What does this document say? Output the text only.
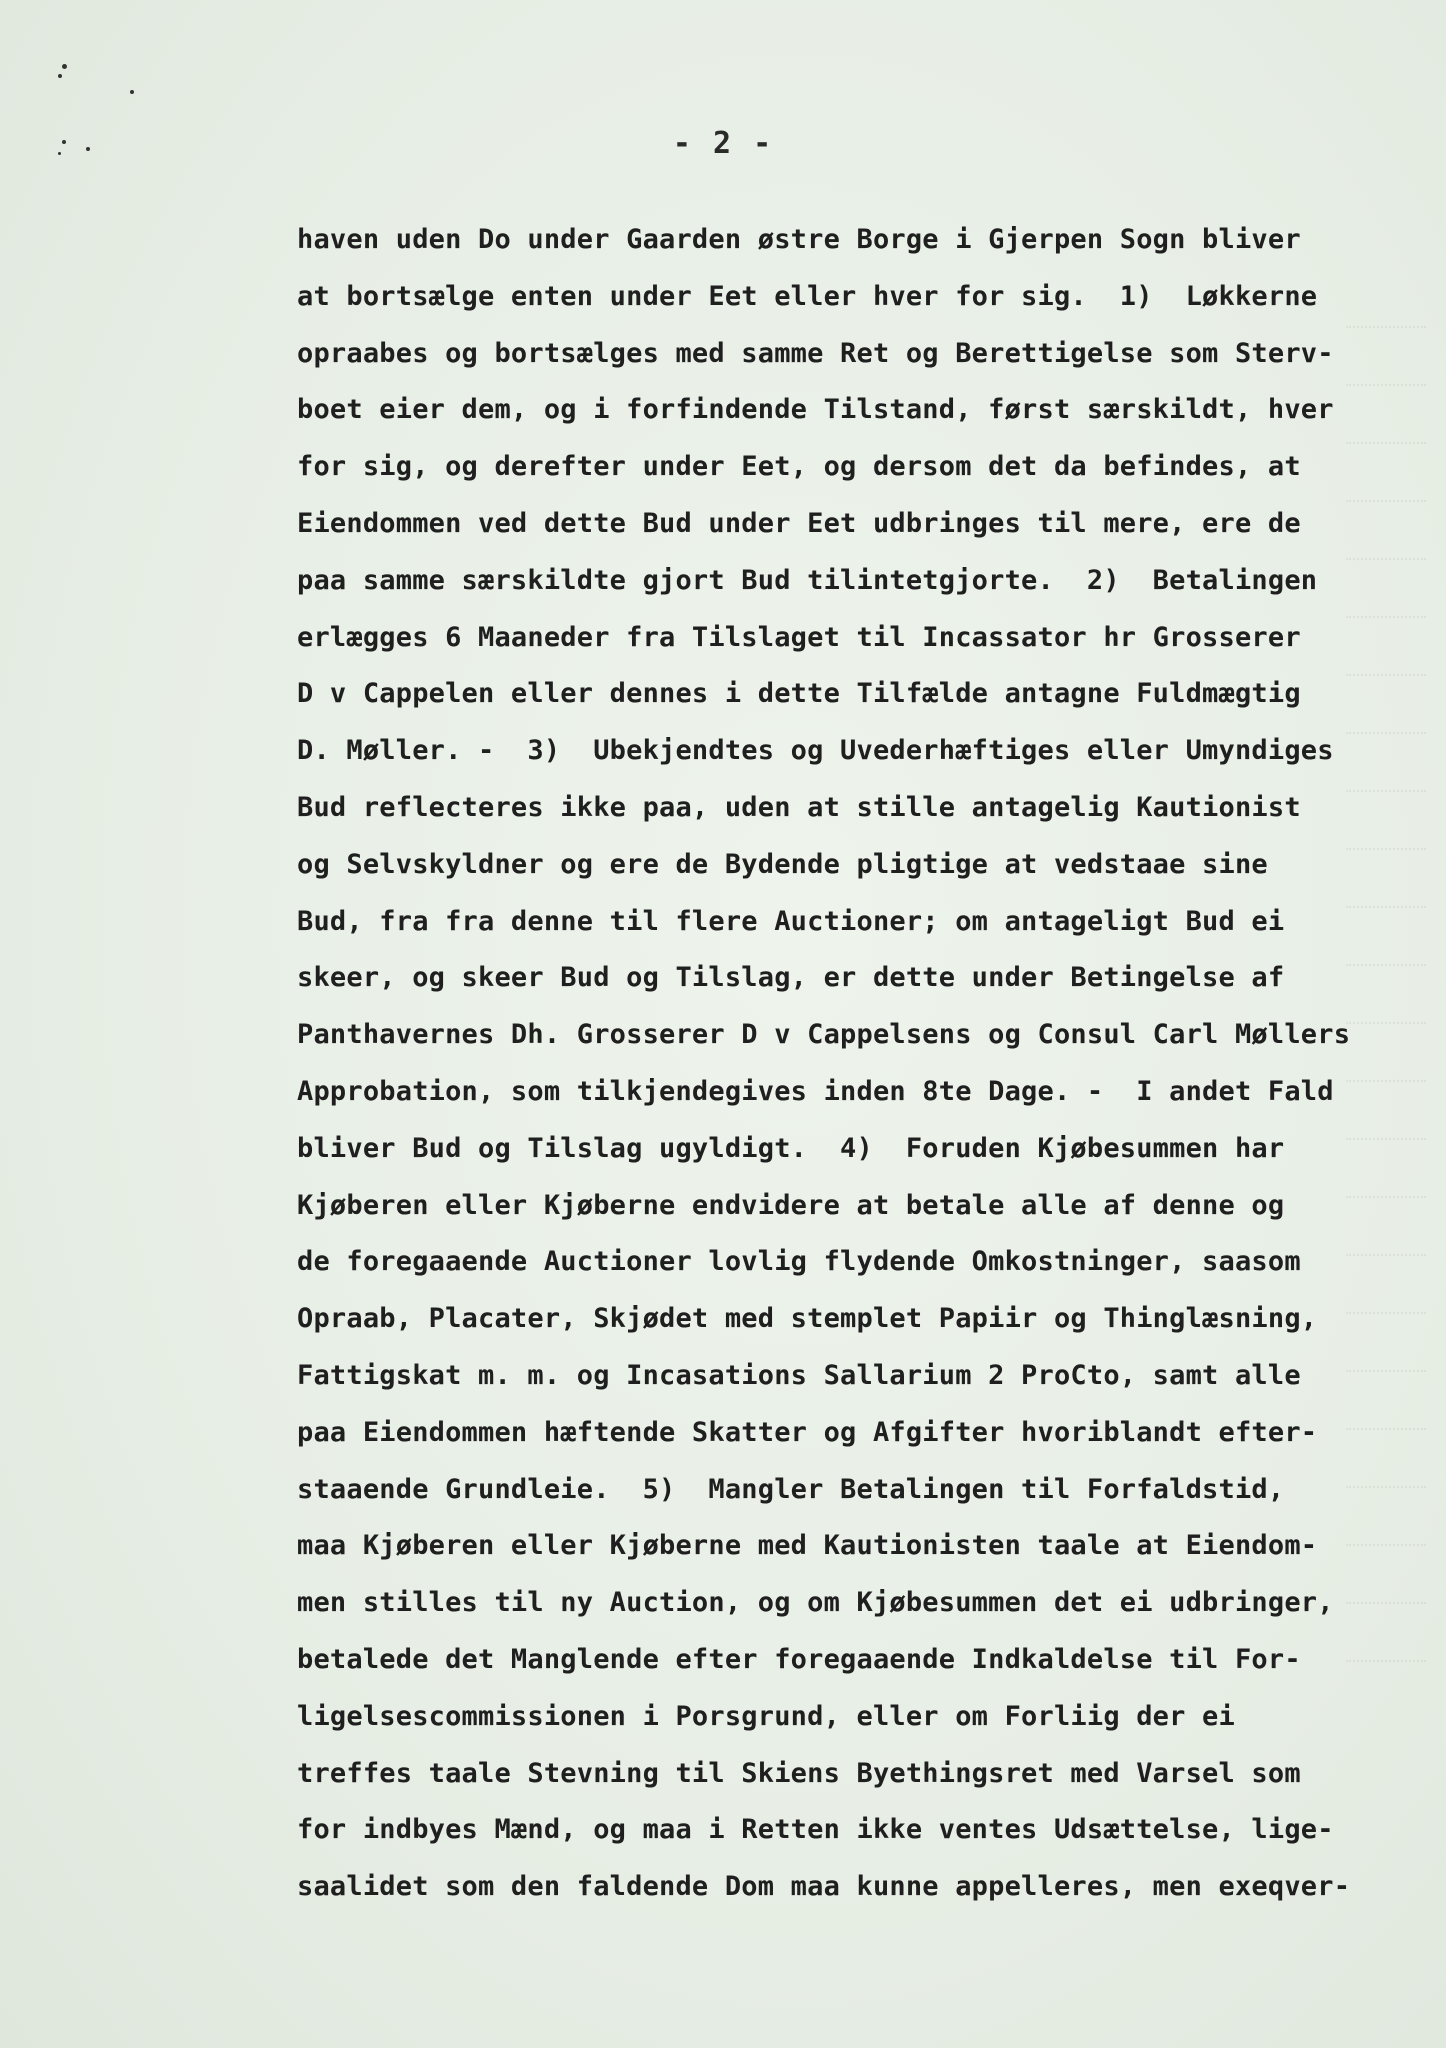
- 2 -
haven uden Do under Gaarden østre Borge i Gjerpen Sogn bliver
at bortsælge enten under Eet eller hver for sig.  1)  Løkkerne
opraabes og bortsælges med samme Ret og Berettigelse som Sterv-
boet eier dem, og i forfindende Tilstand, først særskildt, hver
for sig, og derefter under Eet, og dersom det da befindes, at
Eiendommen ved dette Bud under Eet udbringes til mere, ere de
paa samme særskildte gjort Bud tilintetgjorte.  2)  Betalingen
erlægges 6 Maaneder fra Tilslaget til Incassator hr Grosserer
D v Cappelen eller dennes i dette Tilfælde antagne Fuldmægtig
D. Møller. -  3)  Ubekjendtes og Uvederhæftiges eller Umyndiges
Bud reflecteres ikke paa, uden at stille antagelig Kautionist
og Selvskyldner og ere de Bydende pligtige at vedstaae sine
Bud, fra fra denne til flere Auctioner; om antageligt Bud ei
skeer, og skeer Bud og Tilslag, er dette under Betingelse af
Panthavernes Dh. Grosserer D v Cappelsens og Consul Carl Møllers
Approbation, som tilkjendegives inden 8te Dage. -  I andet Fald
bliver Bud og Tilslag ugyldigt.  4)  Foruden Kjøbesummen har
Kjøberen eller Kjøberne endvidere at betale alle af denne og
de foregaaende Auctioner lovlig flydende Omkostninger, saasom
Opraab, Placater, Skjødet med stemplet Papiir og Thinglæsning,
Fattigskat m. m. og Incasations Sallarium 2 ProCto, samt alle
paa Eiendommen hæftende Skatter og Afgifter hvoriblandt efter-
staaende Grundleie.  5)  Mangler Betalingen til Forfaldstid,
maa Kjøberen eller Kjøberne med Kautionisten taale at Eiendom-
men stilles til ny Auction, og om Kjøbesummen det ei udbringer,
betalede det Manglende efter foregaaende Indkaldelse til For-
ligelsescommissionen i Porsgrund, eller om Forliig der ei
treffes taale Stevning til Skiens Byethingsret med Varsel som
for indbyes Mænd, og maa i Retten ikke ventes Udsættelse, lige-
saalidet som den faldende Dom maa kunne appelleres, men exeqver-
